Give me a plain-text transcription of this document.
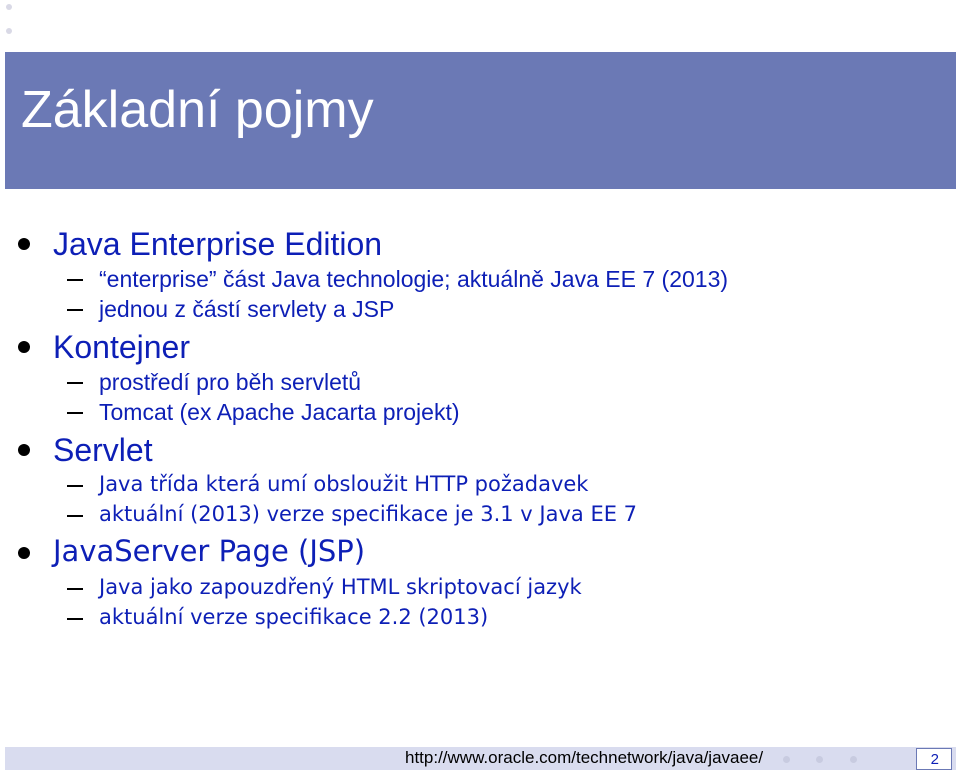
Základní pojmy

Java Enterprise Edition

“enterprise” část Java technologie; aktuálně Java EE 7 (2013)

jednou z částí servlety a JSP

Kontejner

prostředí pro běh servletů

Tomcat (ex Apache Jacarta projekt)

Servlet

Java třída která umí obsloužit HTTP požadavek

aktuální (2013) verze specifikace je 3.1 v Java EE 7

JavaServer Page (JSP)

Java jako zapouzdřený HTML skriptovací jazyk

aktuální verze specifikace 2.2 (2013)

http://www.oracle.com/technetwork/java/javaee/	2
